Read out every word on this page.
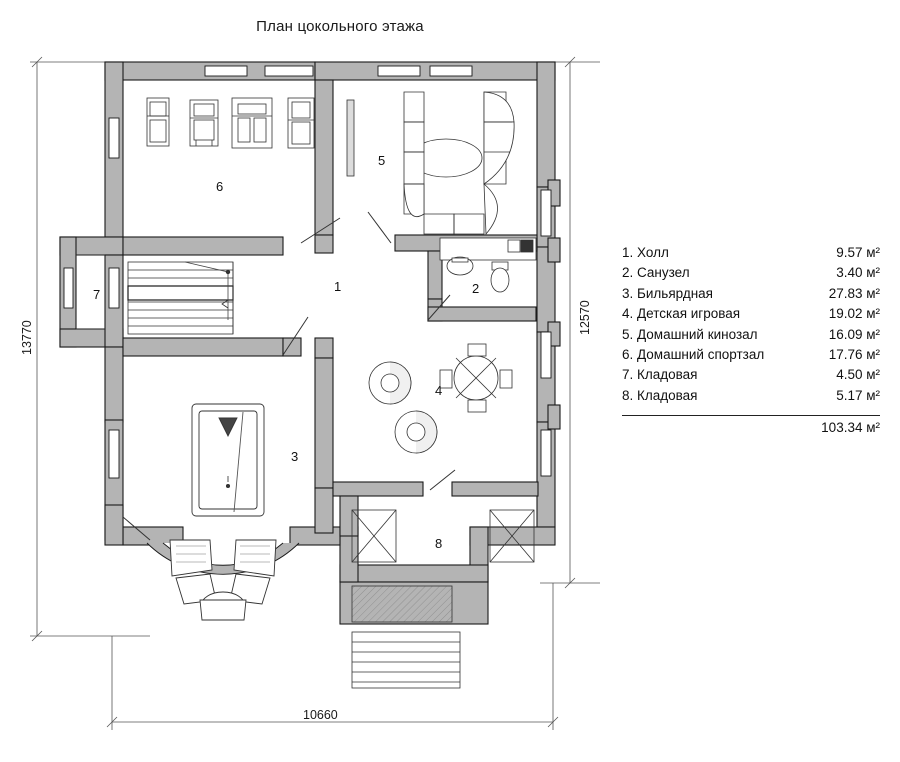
План цокольного этажа
1	2
3
4
5
6
7
8
13770
12570
10660
1. Холл	9.57 м²
2. Санузел	3.40 м²
3. Бильярдная	27.83 м²
4. Детская игровая	19.02 м²
5. Домашний кинозал	16.09 м²
6. Домашний спортзал	17.76 м²
7. Кладовая	4.50 м²
8. Кладовая	5.17 м²
103.34 м²
